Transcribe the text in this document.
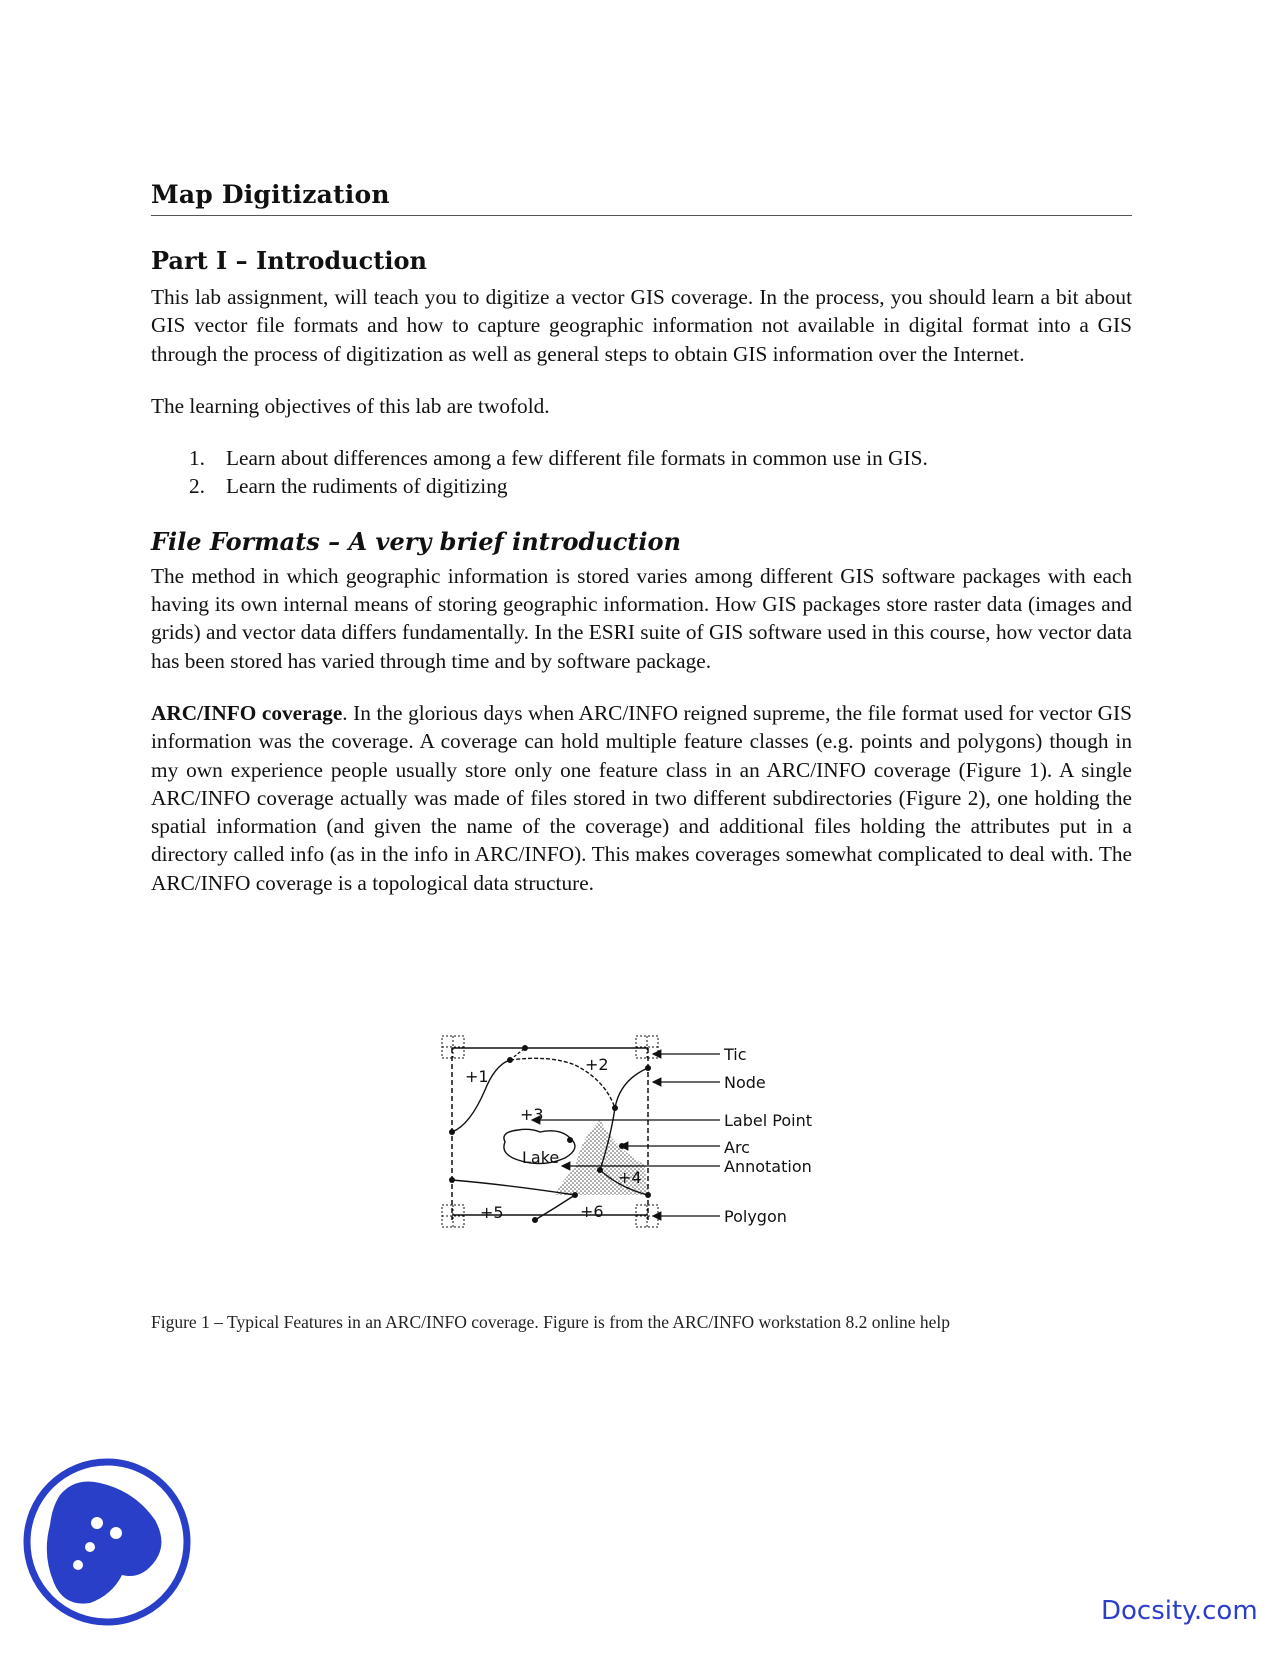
Map Digitization
Part I – Introduction

This lab assignment, will teach you to digitize a vector GIS coverage. In the process, you should learn a bit about GIS vector file formats and how to capture geographic information not available in digital format into a GIS through the process of digitization as well as general steps to obtain GIS information over the Internet.

The learning objectives of this lab are twofold.

1. Learn about differences among a few different file formats in common use in GIS.
2. Learn the rudiments of digitizing
File Formats – A very brief introduction

The method in which geographic information is stored varies among different GIS software packages with each having its own internal means of storing geographic information. How GIS packages store raster data (images and grids) and vector data differs fundamentally. In the ESRI suite of GIS software used in this course, how vector data has been stored has varied through time and by software package.

ARC/INFO coverage. In the glorious days when ARC/INFO reigned supreme, the file format used for vector GIS information was the coverage. A coverage can hold multiple feature classes (e.g. points and polygons) though in my own experience people usually store only one feature class in an ARC/INFO coverage (Figure 1). A single ARC/INFO coverage actually was made of files stored in two different subdirectories (Figure 2), one holding the spatial information (and given the name of the coverage) and additional files holding the attributes put in a directory called info (as in the info in ARC/INFO). This makes coverages somewhat complicated to deal with. The ARC/INFO coverage is a topological data structure.

+1
+2
+3
+4
+5	+6
Lake
Tic
Node
Label Point
Arc
Annotation
Polygon
Figure 1 – Typical Features in an ARC/INFO coverage. Figure is from the ARC/INFO workstation 8.2 online help
Docsity.com
